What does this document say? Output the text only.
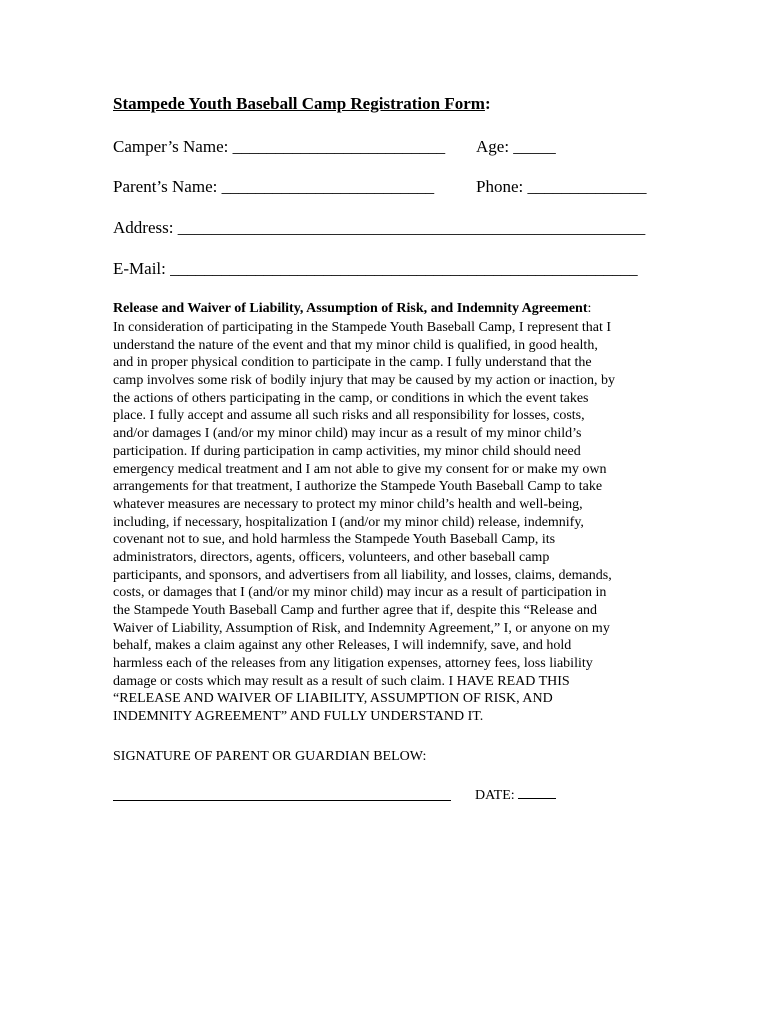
Stampede Youth Baseball Camp Registration Form:
Camper’s Name: _________________________ Age: _____
Parent’s Name: _________________________ Phone: ______________
Address: _______________________________________________________
E-Mail: _______________________________________________________
Release and Waiver of Liability, Assumption of Risk, and Indemnity Agreement:
In consideration of participating in the Stampede Youth Baseball Camp, I represent that I
understand the nature of the event and that my minor child is qualified, in good health,
and in proper physical condition to participate in the camp. I fully understand that the
camp involves some risk of bodily injury that may be caused by my action or inaction, by
the actions of others participating in the camp, or conditions in which the event takes
place. I fully accept and assume all such risks and all responsibility for losses, costs,
and/or damages I (and/or my minor child) may incur as a result of my minor child’s
participation. If during participation in camp activities, my minor child should need
emergency medical treatment and I am not able to give my consent for or make my own
arrangements for that treatment, I authorize the Stampede Youth Baseball Camp to take
whatever measures are necessary to protect my minor child’s health and well-being,
including, if necessary, hospitalization I (and/or my minor child) release, indemnify,
covenant not to sue, and hold harmless the Stampede Youth Baseball Camp, its
administrators, directors, agents, officers, volunteers, and other baseball camp
participants, and sponsors, and advertisers from all liability, and losses, claims, demands,
costs, or damages that I (and/or my minor child) may incur as a result of participation in
the Stampede Youth Baseball Camp and further agree that if, despite this “Release and
Waiver of Liability, Assumption of Risk, and Indemnity Agreement,” I, or anyone on my
behalf, makes a claim against any other Releases, I will indemnify, save, and hold
harmless each of the releases from any litigation expenses, attorney fees, loss liability
damage or costs which may result as a result of such claim. I HAVE READ THIS
“RELEASE AND WAIVER OF LIABILITY, ASSUMPTION OF RISK, AND
INDEMNITY AGREEMENT” AND FULLY UNDERSTAND IT.
SIGNATURE OF PARENT OR GUARDIAN BELOW:
DATE:
